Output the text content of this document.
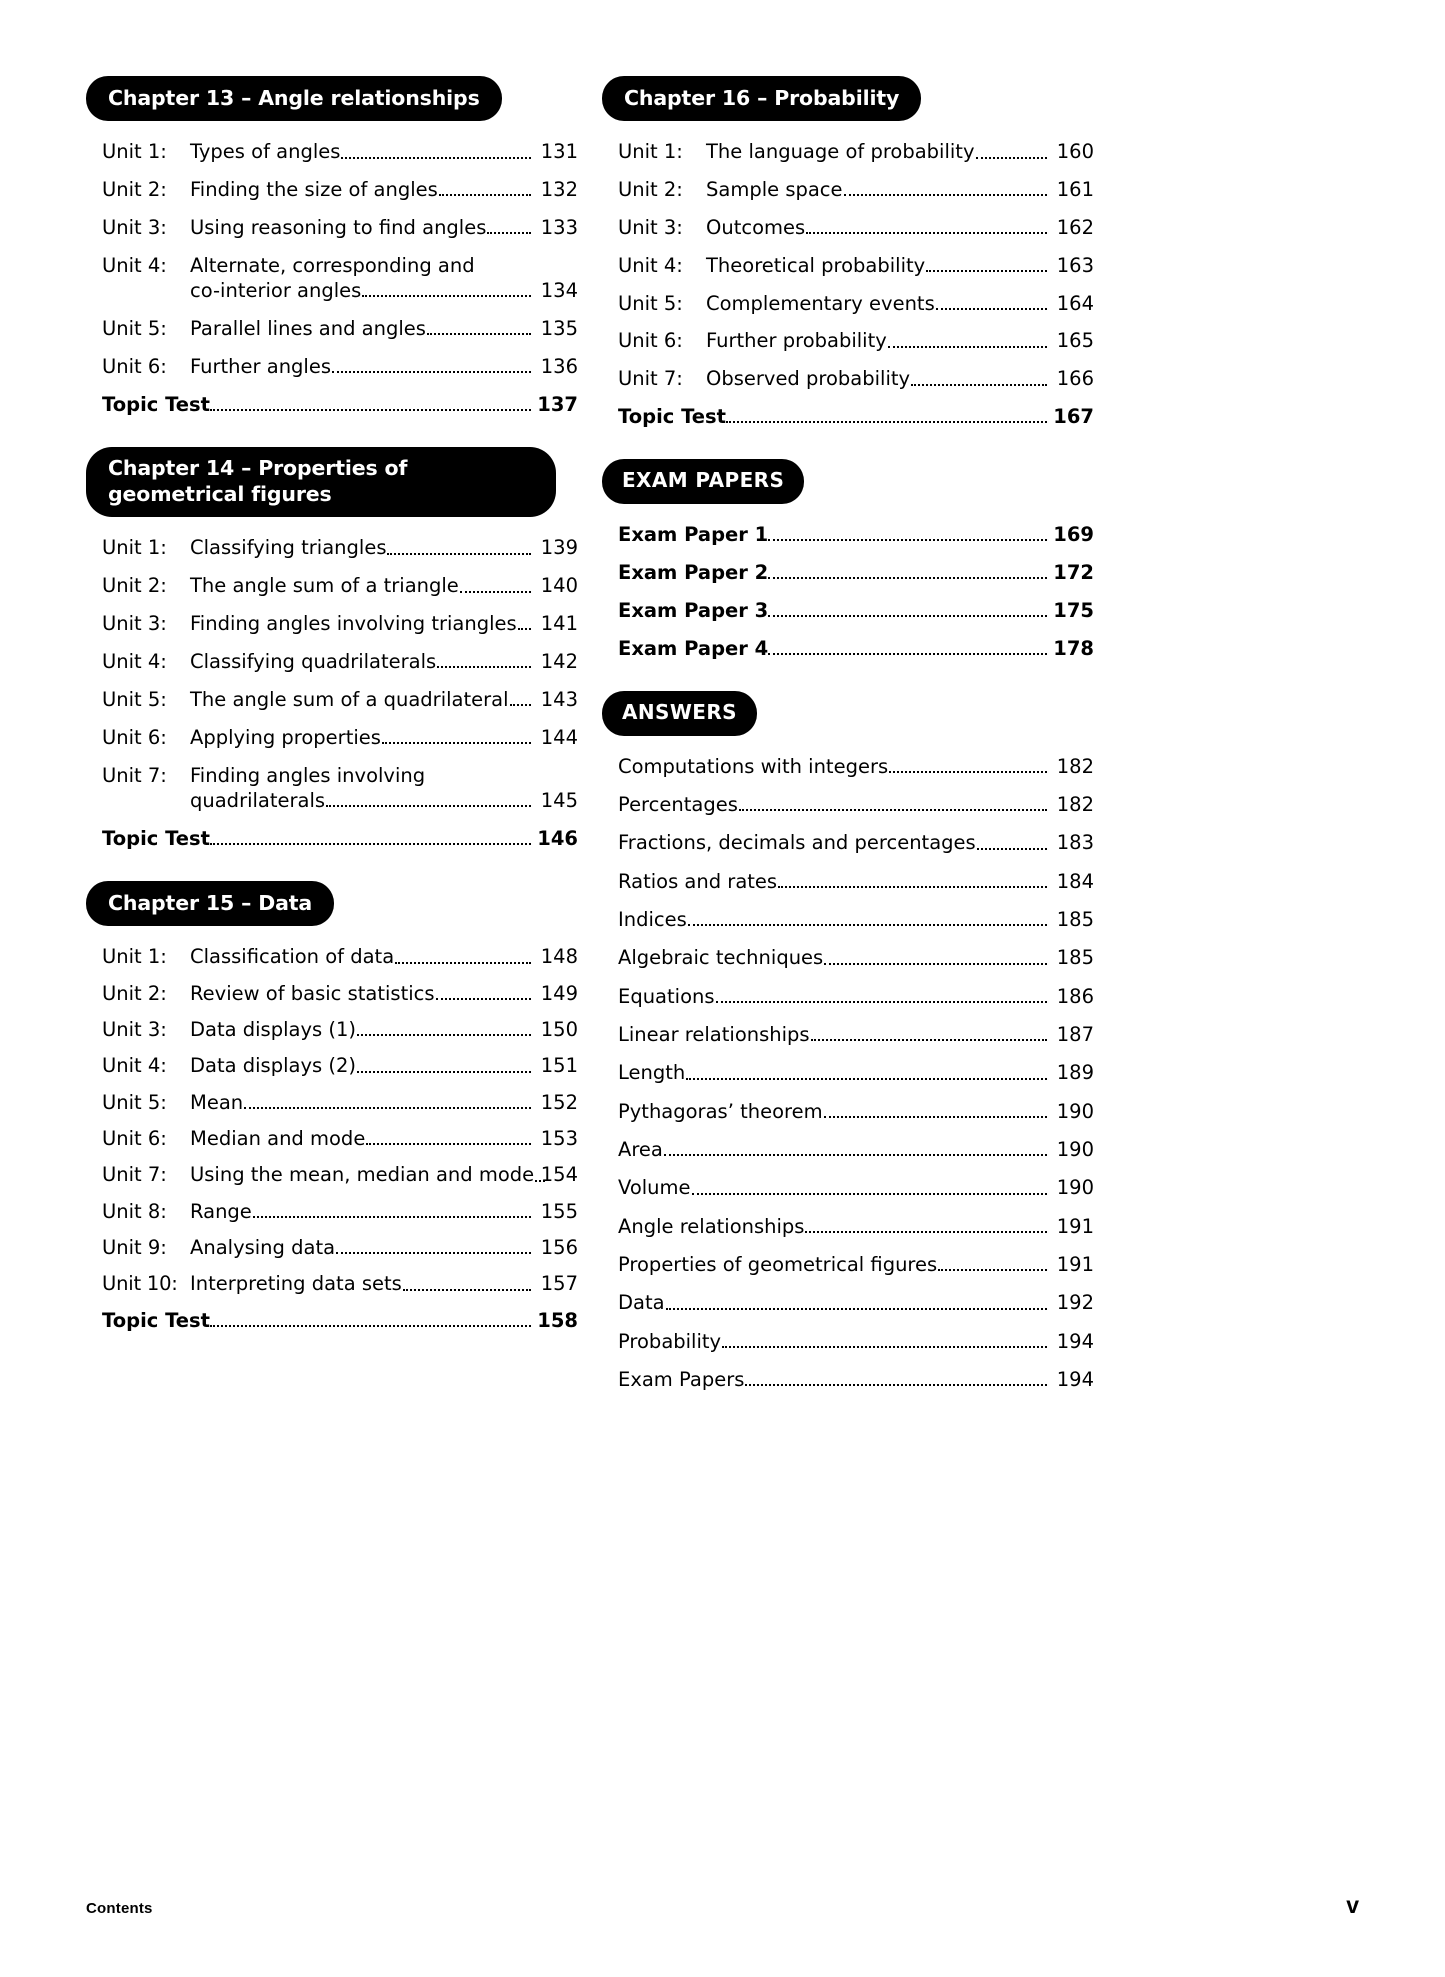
Chapter 13 – Angle relationships
Unit 1:	Types of angles	131
Unit 2:	Finding the size of angles	132
Unit 3:	Using reasoning to find angles	133
Unit 4:	Alternate, corresponding and
co-interior angles	134
Unit 5:	Parallel lines and angles	135
Unit 6:	Further angles	136
Topic Test	137
Chapter 14 – Properties of geometrical figures
Unit 1:	Classifying triangles	139
Unit 2:	The angle sum of a triangle	140
Unit 3:	Finding angles involving triangles	141
Unit 4:	Classifying quadrilaterals	142
Unit 5:	The angle sum of a quadrilateral	143
Unit 6:	Applying properties	144
Unit 7:	Finding angles involving
quadrilaterals	145
Topic Test	146
Chapter 15 – Data
Unit 1:	Classification of data	148
Unit 2:	Review of basic statistics	149
Unit 3:	Data displays (1)	150
Unit 4:	Data displays (2)	151
Unit 5:	Mean	152
Unit 6:	Median and mode	153
Unit 7:	Using the mean, median and mode 154
Unit 8:	Range	155
Unit 9:	Analysing data	156
Unit 10: Interpreting data sets	157
Topic Test	158
Chapter 16 – Probability
Unit 1:	The language of probability	160
Unit 2:	Sample space	161
Unit 3:	Outcomes	162
Unit 4:	Theoretical probability	163
Unit 5:	Complementary events	164
Unit 6:	Further probability	165
Unit 7:	Observed probability	166
Topic Test	167
EXAM PAPERS
Exam Paper 1	169
Exam Paper 2	172
Exam Paper 3	175
Exam Paper 4	178
ANSWERS
Computations with integers	182
Percentages	182
Fractions, decimals and percentages	183
Ratios and rates	184
Indices	185
Algebraic techniques	185
Equations	186
Linear relationships	187
Length	189
Pythagoras’ theorem	190
Area	190
Volume	190
Angle relationships	191
Properties of geometrical figures	191
Data	192
Probability	194
Exam Papers	194
Contents	v
